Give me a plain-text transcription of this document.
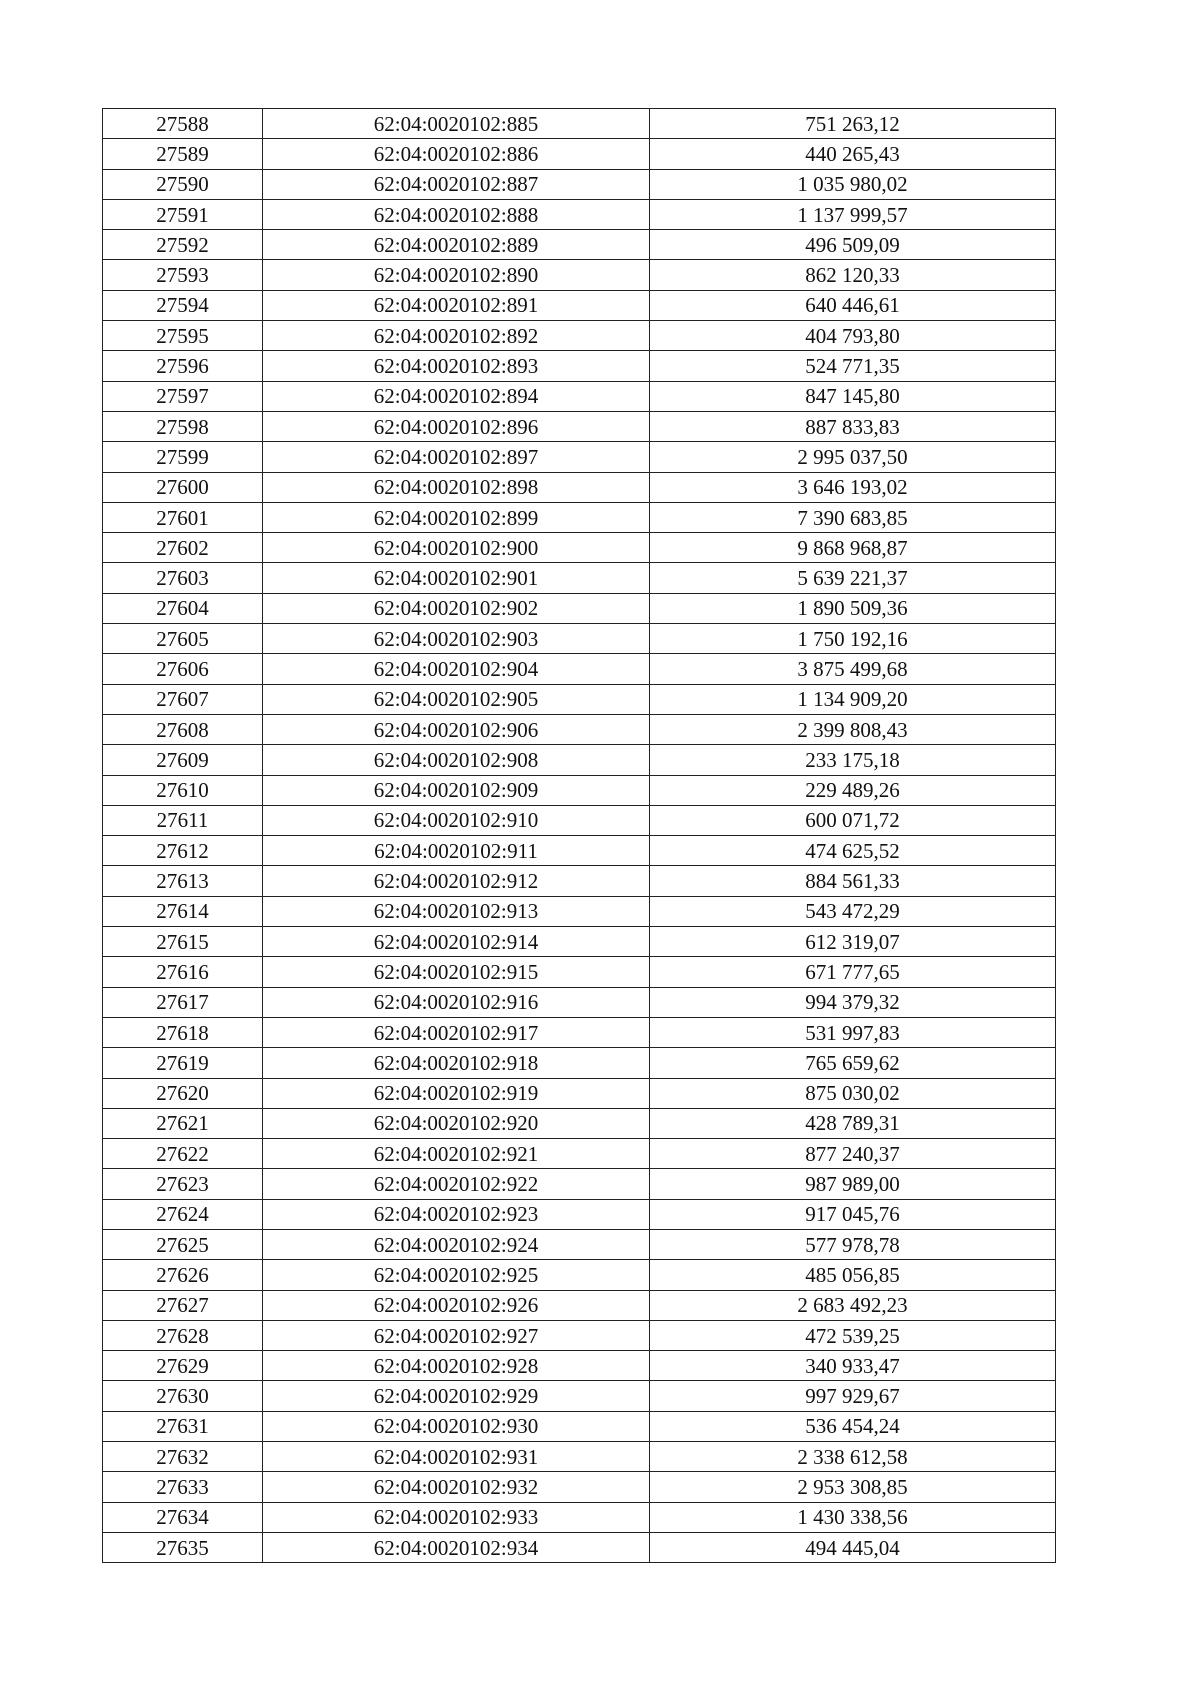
27588	62:04:0020102:885	751 263,12
27589	62:04:0020102:886	440 265,43
27590	62:04:0020102:887	1 035 980,02
27591	62:04:0020102:888	1 137 999,57
27592	62:04:0020102:889	496 509,09
27593	62:04:0020102:890	862 120,33
27594	62:04:0020102:891	640 446,61
27595	62:04:0020102:892	404 793,80
27596	62:04:0020102:893	524 771,35
27597	62:04:0020102:894	847 145,80
27598	62:04:0020102:896	887 833,83
27599	62:04:0020102:897	2 995 037,50
27600	62:04:0020102:898	3 646 193,02
27601	62:04:0020102:899	7 390 683,85
27602	62:04:0020102:900	9 868 968,87
27603	62:04:0020102:901	5 639 221,37
27604	62:04:0020102:902	1 890 509,36
27605	62:04:0020102:903	1 750 192,16
27606	62:04:0020102:904	3 875 499,68
27607	62:04:0020102:905	1 134 909,20
27608	62:04:0020102:906	2 399 808,43
27609	62:04:0020102:908	233 175,18
27610	62:04:0020102:909	229 489,26
27611	62:04:0020102:910	600 071,72
27612	62:04:0020102:911	474 625,52
27613	62:04:0020102:912	884 561,33
27614	62:04:0020102:913	543 472,29
27615	62:04:0020102:914	612 319,07
27616	62:04:0020102:915	671 777,65
27617	62:04:0020102:916	994 379,32
27618	62:04:0020102:917	531 997,83
27619	62:04:0020102:918	765 659,62
27620	62:04:0020102:919	875 030,02
27621	62:04:0020102:920	428 789,31
27622	62:04:0020102:921	877 240,37
27623	62:04:0020102:922	987 989,00
27624	62:04:0020102:923	917 045,76
27625	62:04:0020102:924	577 978,78
27626	62:04:0020102:925	485 056,85
27627	62:04:0020102:926	2 683 492,23
27628	62:04:0020102:927	472 539,25
27629	62:04:0020102:928	340 933,47
27630	62:04:0020102:929	997 929,67
27631	62:04:0020102:930	536 454,24
27632	62:04:0020102:931	2 338 612,58
27633	62:04:0020102:932	2 953 308,85
27634	62:04:0020102:933	1 430 338,56
27635	62:04:0020102:934	494 445,04
